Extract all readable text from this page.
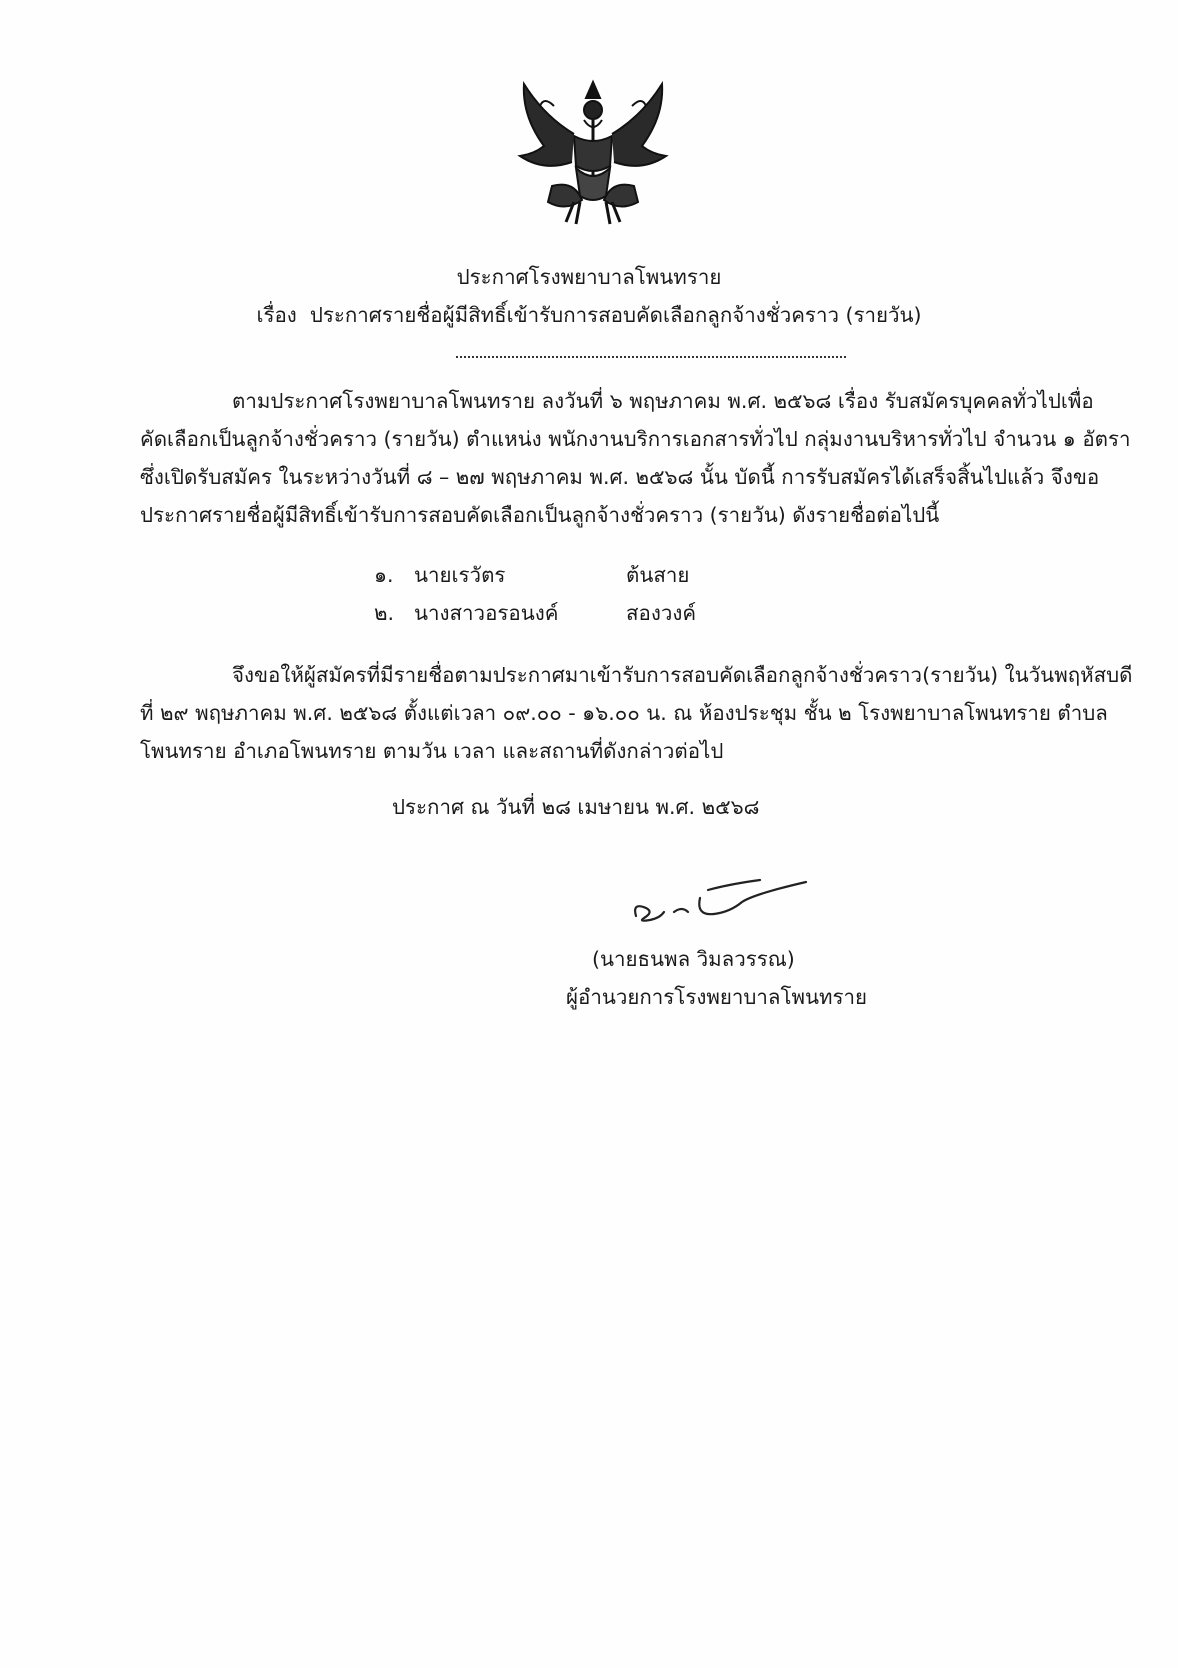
ประกาศโรงพยาบาลโพนทราย
เรื่อง ประกาศรายชื่อผู้มีสิทธิ์เข้ารับการสอบคัดเลือกลูกจ้างชั่วคราว (รายวัน)
ตามประกาศโรงพยาบาลโพนทราย ลงวันที่ ๖ พฤษภาคม พ.ศ. ๒๕๖๘ เรื่อง รับสมัครบุคคลทั่วไปเพื่อ
คัดเลือกเป็นลูกจ้างชั่วคราว (รายวัน) ตำแหน่ง พนักงานบริการเอกสารทั่วไป กลุ่มงานบริหารทั่วไป จำนวน ๑ อัตรา
ซึ่งเปิดรับสมัคร ในระหว่างวันที่ ๘ – ๒๗ พฤษภาคม พ.ศ. ๒๕๖๘ นั้น บัดนี้ การรับสมัครได้เสร็จสิ้นไปแล้ว จึงขอ
ประกาศรายชื่อผู้มีสิทธิ์เข้ารับการสอบคัดเลือกเป็นลูกจ้างชั่วคราว (รายวัน) ดังรายชื่อต่อไปนี้
๑. นายเรวัตร	ต้นสาย
๒. นางสาวอรอนงค์	สองวงค์
จึงขอให้ผู้สมัครที่มีรายชื่อตามประกาศมาเข้ารับการสอบคัดเลือกลูกจ้างชั่วคราว(รายวัน) ในวันพฤหัสบดี
ที่ ๒๙ พฤษภาคม พ.ศ. ๒๕๖๘ ตั้งแต่เวลา ๐๙.๐๐ - ๑๖.๐๐ น. ณ ห้องประชุม ชั้น ๒ โรงพยาบาลโพนทราย ตำบล
โพนทราย อำเภอโพนทราย ตามวัน เวลา และสถานที่ดังกล่าวต่อไป
ประกาศ ณ วันที่ ๒๘ เมษายน พ.ศ. ๒๕๖๘
(นายธนพล วิมลวรรณ)
ผู้อำนวยการโรงพยาบาลโพนทราย
